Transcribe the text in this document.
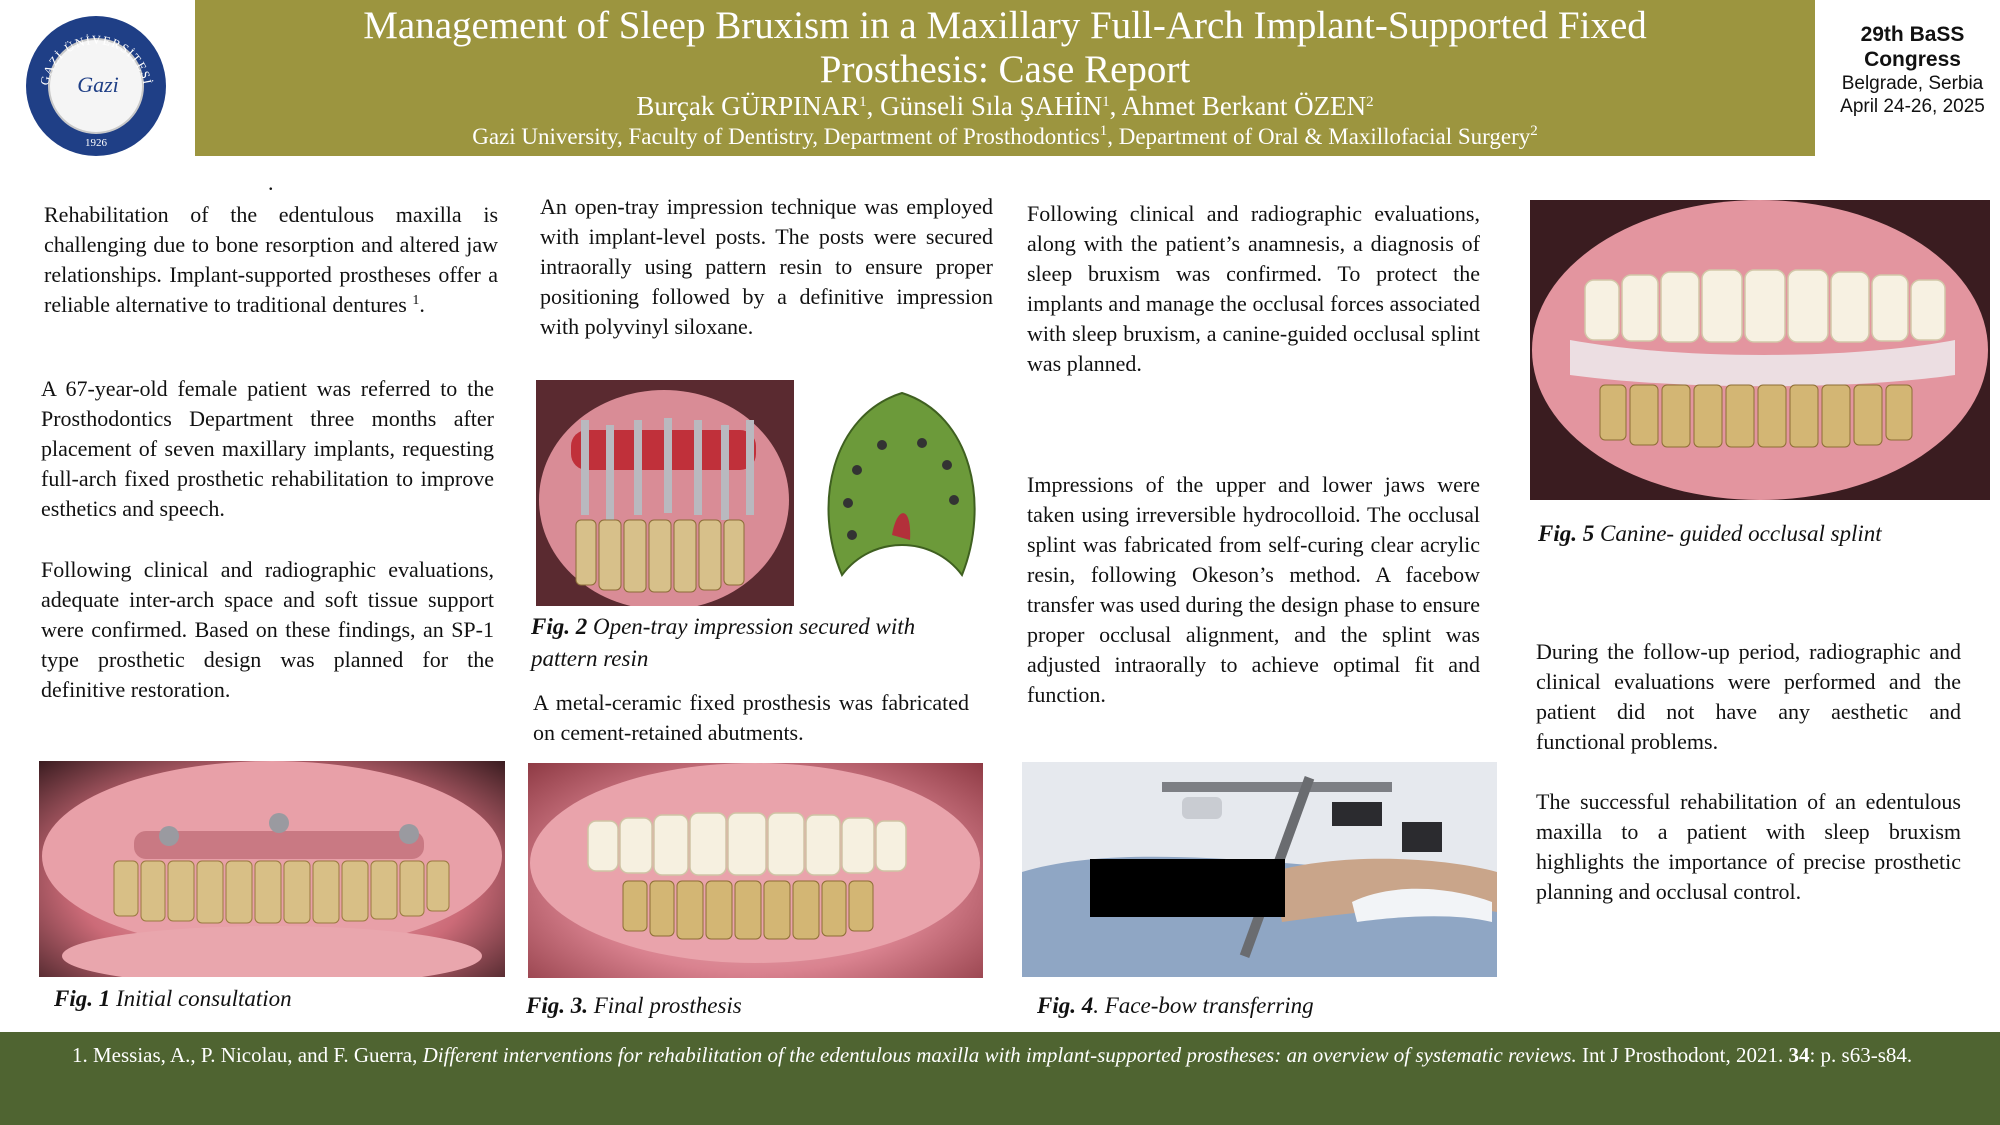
GAZİ ÜNİVERSİTESİ
Gazi
1926
Management of Sleep Bruxism in a Maxillary Full-Arch Implant-Supported Fixed
Prosthesis: Case Report
Burçak GÜRPINAR$^1$, Günseli Sıla ŞAHİN$^1$, Ahmet Berkant ÖZEN$^2$
Gazi University, Faculty of Dentistry, Department of Prosthodontics$^1$, Department of Oral & Maxillofacial Surgery$^2$
29th BaSS
Congress
Belgrade, Serbia
April 24-26, 2025
.
Rehabilitation of the edentulous maxilla is challenging due to bone resorption and altered jaw relationships. Implant-supported prostheses offer a reliable alternative to traditional dentures $^1$.
A 67-year-old female patient was referred to the Prosthodontics Department three months after placement of seven maxillary implants, requesting full-arch fixed prosthetic rehabilitation to improve esthetics and speech.
Following clinical and radiographic evaluations, adequate inter-arch space and soft tissue support were confirmed. Based on these findings, an SP-1 type prosthetic design was planned for the definitive restoration.
Fig. 1 Initial consultation
An open-tray impression technique was employed with implant-level posts. The posts were secured intraorally using pattern resin to ensure proper positioning followed by a definitive impression with polyvinyl siloxane.
Fig. 2 Open-tray impression secured with pattern resin
A metal-ceramic fixed prosthesis was fabricated on cement-retained abutments.
Fig. 3. Final prosthesis
Following clinical and radiographic evaluations, along with the patient’s anamnesis, a diagnosis of sleep bruxism was confirmed. To protect the implants and manage the occlusal forces associated with sleep bruxism, a canine-guided occlusal splint was planned.
Impressions of the upper and lower jaws were taken using irreversible hydrocolloid. The occlusal splint was fabricated from self-curing clear acrylic resin, following Okeson’s method. A facebow transfer was used during the design phase to ensure proper occlusal alignment, and the splint was adjusted intraorally to achieve optimal fit and function.
Fig. 4. Face-bow transferring
Fig. 5 Canine- guided occlusal splint
During the follow-up period, radiographic and clinical evaluations were performed and the patient did not have any aesthetic and functional problems.
The successful rehabilitation of an edentulous maxilla to a patient with sleep bruxism highlights the importance of precise prosthetic planning and occlusal control.
1. Messias, A., P. Nicolau, and F. Guerra, Different interventions for rehabilitation of the edentulous maxilla with implant-supported prostheses: an overview of systematic reviews. Int J Prosthodont, 2021. 34: p. s63-s84.
